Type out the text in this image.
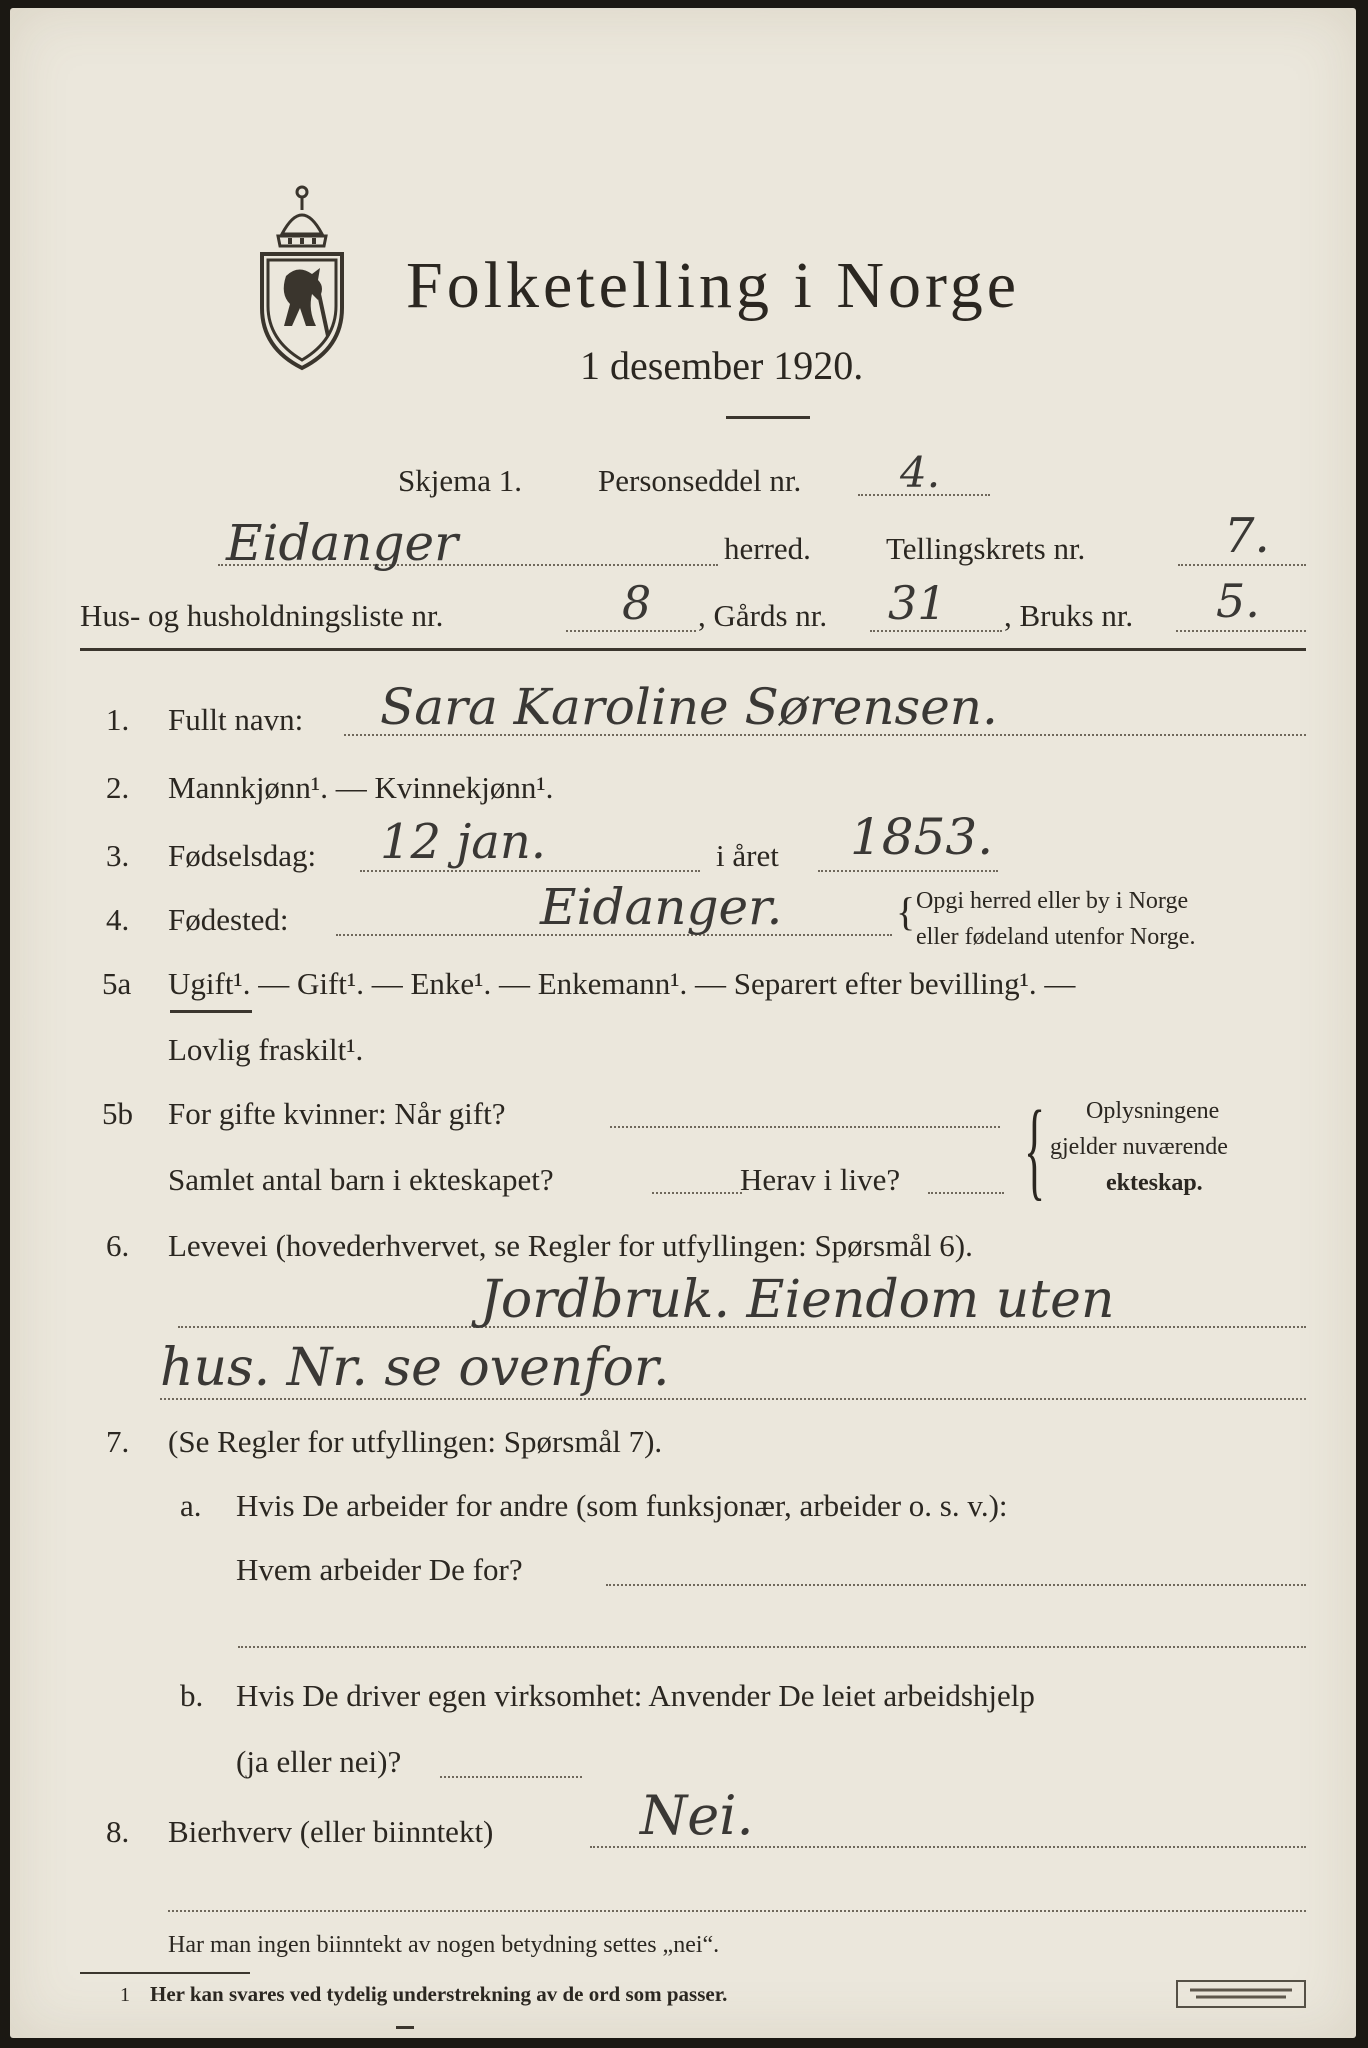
Folketelling i Norge
1 desember 1920.
Skjema 1. Personseddel nr. 4.
Eidanger	herred. Tellingskrets nr.	7.
Hus- og husholdningsliste nr.	8 , Gårds nr. 31 , Bruks nr. 5.
1. Fullt navn: Sara Karoline Sørensen.
2. Mannkjønn¹. — Kvinnekjønn¹.
3. Fødselsdag: 12 jan.	i året 1853.
4. Fødested:	Eidanger.	{ Opgi herred eller by i Norge
eller fødeland utenfor Norge.
5a Ugift¹. — Gift¹. — Enke¹. — Enkemann¹. — Separert efter bevilling¹. —
Lovlig fraskilt¹.
5b For gifte kvinner: Når gift?
Samlet antal barn i ekteskapet?	Herav i live? { Oplysningene
gjelder nuværende
ekteskap.
6. Levevei (hovederhvervet, se Regler for utfyllingen: Spørsmål 6).
Jordbruk. Eiendom uten
hus. Nr. se ovenfor.
7. (Se Regler for utfyllingen: Spørsmål 7).
a. Hvis De arbeider for andre (som funksjonær, arbeider o. s. v.):
Hvem arbeider De for?
b. Hvis De driver egen virksomhet: Anvender De leiet arbeidshjelp
(ja eller nei)?
8. Bierhverv (eller biinntekt)	Nei.
Har man ingen biinntekt av nogen betydning settes „nei“.
1 Her kan svares ved tydelig understrekning av de ord som passer.
